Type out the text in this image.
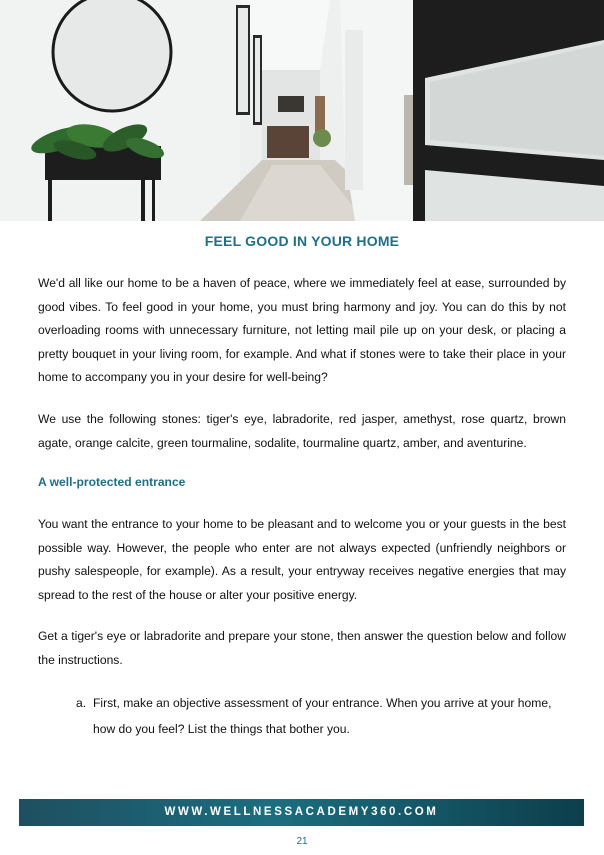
FEEL GOOD IN YOUR HOME

We'd all like our home to be a haven of peace, where we immediately feel at ease, surrounded by good vibes. To feel good in your home, you must bring harmony and joy. You can do this by not overloading rooms with unnecessary furniture, not letting mail pile up on your desk, or placing a pretty bouquet in your living room, for example. And what if stones were to take their place in your home to accompany you in your desire for well-being?

We use the following stones: tiger's eye, labradorite, red jasper, amethyst, rose quartz, brown agate, orange calcite, green tourmaline, sodalite, tourmaline quartz, amber, and aventurine.

A well-protected entrance

You want the entrance to your home to be pleasant and to welcome you or your guests in the best possible way. However, the people who enter are not always expected (unfriendly neighbors or pushy salespeople, for example). As a result, your entryway receives negative energies that may spread to the rest of the house or alter your positive energy.

Get a tiger's eye or labradorite and prepare your stone, then answer the question below and follow the instructions.

a. First, make an objective assessment of your entrance. When you arrive at your home, how do you feel? List the things that bother you.
WWW.WELLNESSACADEMY360.COM
21
